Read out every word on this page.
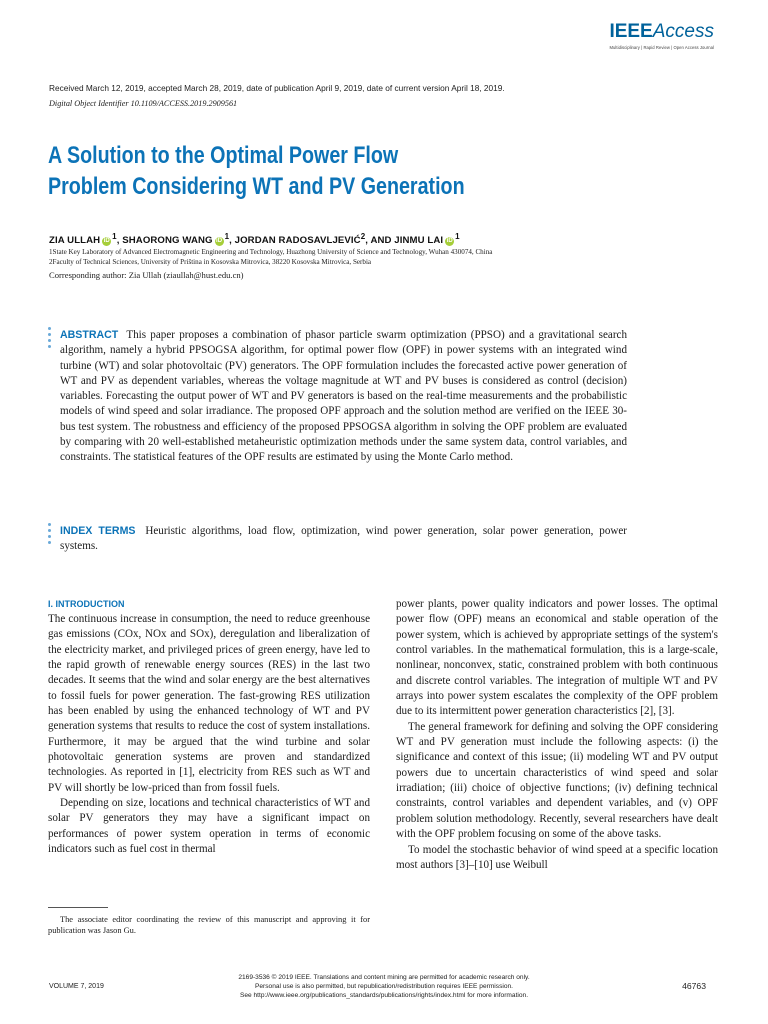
IEEEAccess
Multidisciplinary | Rapid Review | Open Access Journal
Received March 12, 2019, accepted March 28, 2019, date of publication April 9, 2019, date of current version April 18, 2019.
Digital Object Identifier 10.1109/ACCESS.2019.2909561
A Solution to the Optimal Power Flow
Problem Considering WT and PV Generation
ZIA ULLAH $iD^1$, SHAORONG WANG $iD^1$, JORDAN RADOSAVLJEVIĆ$^2$, AND JINMU LAI $iD^1$
1State Key Laboratory of Advanced Electromagnetic Engineering and Technology, Huazhong University of Science and Technology, Wuhan 430074, China
2Faculty of Technical Sciences, University of Priština in Kosovska Mitrovica, 38220 Kosovska Mitrovica, Serbia
Corresponding author: Zia Ullah (ziaullah@hust.edu.cn)
ABSTRACT This paper proposes a combination of phasor particle swarm optimization (PPSO) and a gravitational search algorithm, namely a hybrid PPSOGSA algorithm, for optimal power flow (OPF) in power systems with an integrated wind turbine (WT) and solar photovoltaic (PV) generators. The OPF formulation includes the forecasted active power generation of WT and PV as dependent variables, whereas the voltage magnitude at WT and PV buses is considered as control (decision) variables. Forecasting the output power of WT and PV generators is based on the real-time measurements and the probabilistic models of wind speed and solar irradiance. The proposed OPF approach and the solution method are verified on the IEEE 30-bus test system. The robustness and efficiency of the proposed PPSOGSA algorithm in solving the OPF problem are evaluated by comparing with 20 well-established metaheuristic optimization methods under the same system data, control variables, and constraints. The statistical features of the OPF results are estimated by using the Monte Carlo method.
INDEX TERMS Heuristic algorithms, load flow, optimization, wind power generation, solar power generation, power systems.
I. INTRODUCTION

The continuous increase in consumption, the need to reduce greenhouse gas emissions (COx, NOx and SOx), deregulation and liberalization of the electricity market, and privileged prices of green energy, have led to the rapid growth of renewable energy sources (RES) in the last two decades. It seems that the wind and solar energy are the best alternatives to fossil fuels for power generation. The fast-growing RES utilization has been enabled by using the enhanced technology of WT and PV generation systems that results to reduce the cost of system installations. Furthermore, it may be argued that the wind turbine and solar photovoltaic generation systems are proven and standardized technologies. As reported in [1], electricity from RES such as WT and PV will shortly be low-priced than from fossil fuels.

Depending on size, locations and technical characteristics of WT and solar PV generators they may have a significant impact on performances of power system operation in terms of economic indicators such as fuel cost in thermal

power plants, power quality indicators and power losses. The optimal power flow (OPF) means an economical and stable operation of the power system, which is achieved by appropriate settings of the system's control variables. In the mathematical formulation, this is a large-scale, nonlinear, nonconvex, static, constrained problem with both continuous and discrete control variables. The integration of multiple WT and PV arrays into power system escalates the complexity of the OPF problem due to its intermittent power generation characteristics [2], [3].

The general framework for defining and solving the OPF considering WT and PV generation must include the following aspects: (i) the significance and context of this issue; (ii) modeling WT and PV output powers due to uncertain characteristics of wind speed and solar irradiation; (iii) choice of objective functions; (iv) defining technical constraints, control variables and dependent variables, and (v) OPF problem solution methodology. Recently, several researchers have dealt with the OPF problem focusing on some of the above tasks.

To model the stochastic behavior of wind speed at a specific location most authors [3]–[10] use Weibull

The associate editor coordinating the review of this manuscript and approving it for publication was Jason Gu.
2169-3536 © 2019 IEEE. Translations and content mining are permitted for academic research only.
Personal use is also permitted, but republication/redistribution requires IEEE permission.
See http://www.ieee.org/publications_standards/publications/rights/index.html for more information.
VOLUME 7, 2019	46763
